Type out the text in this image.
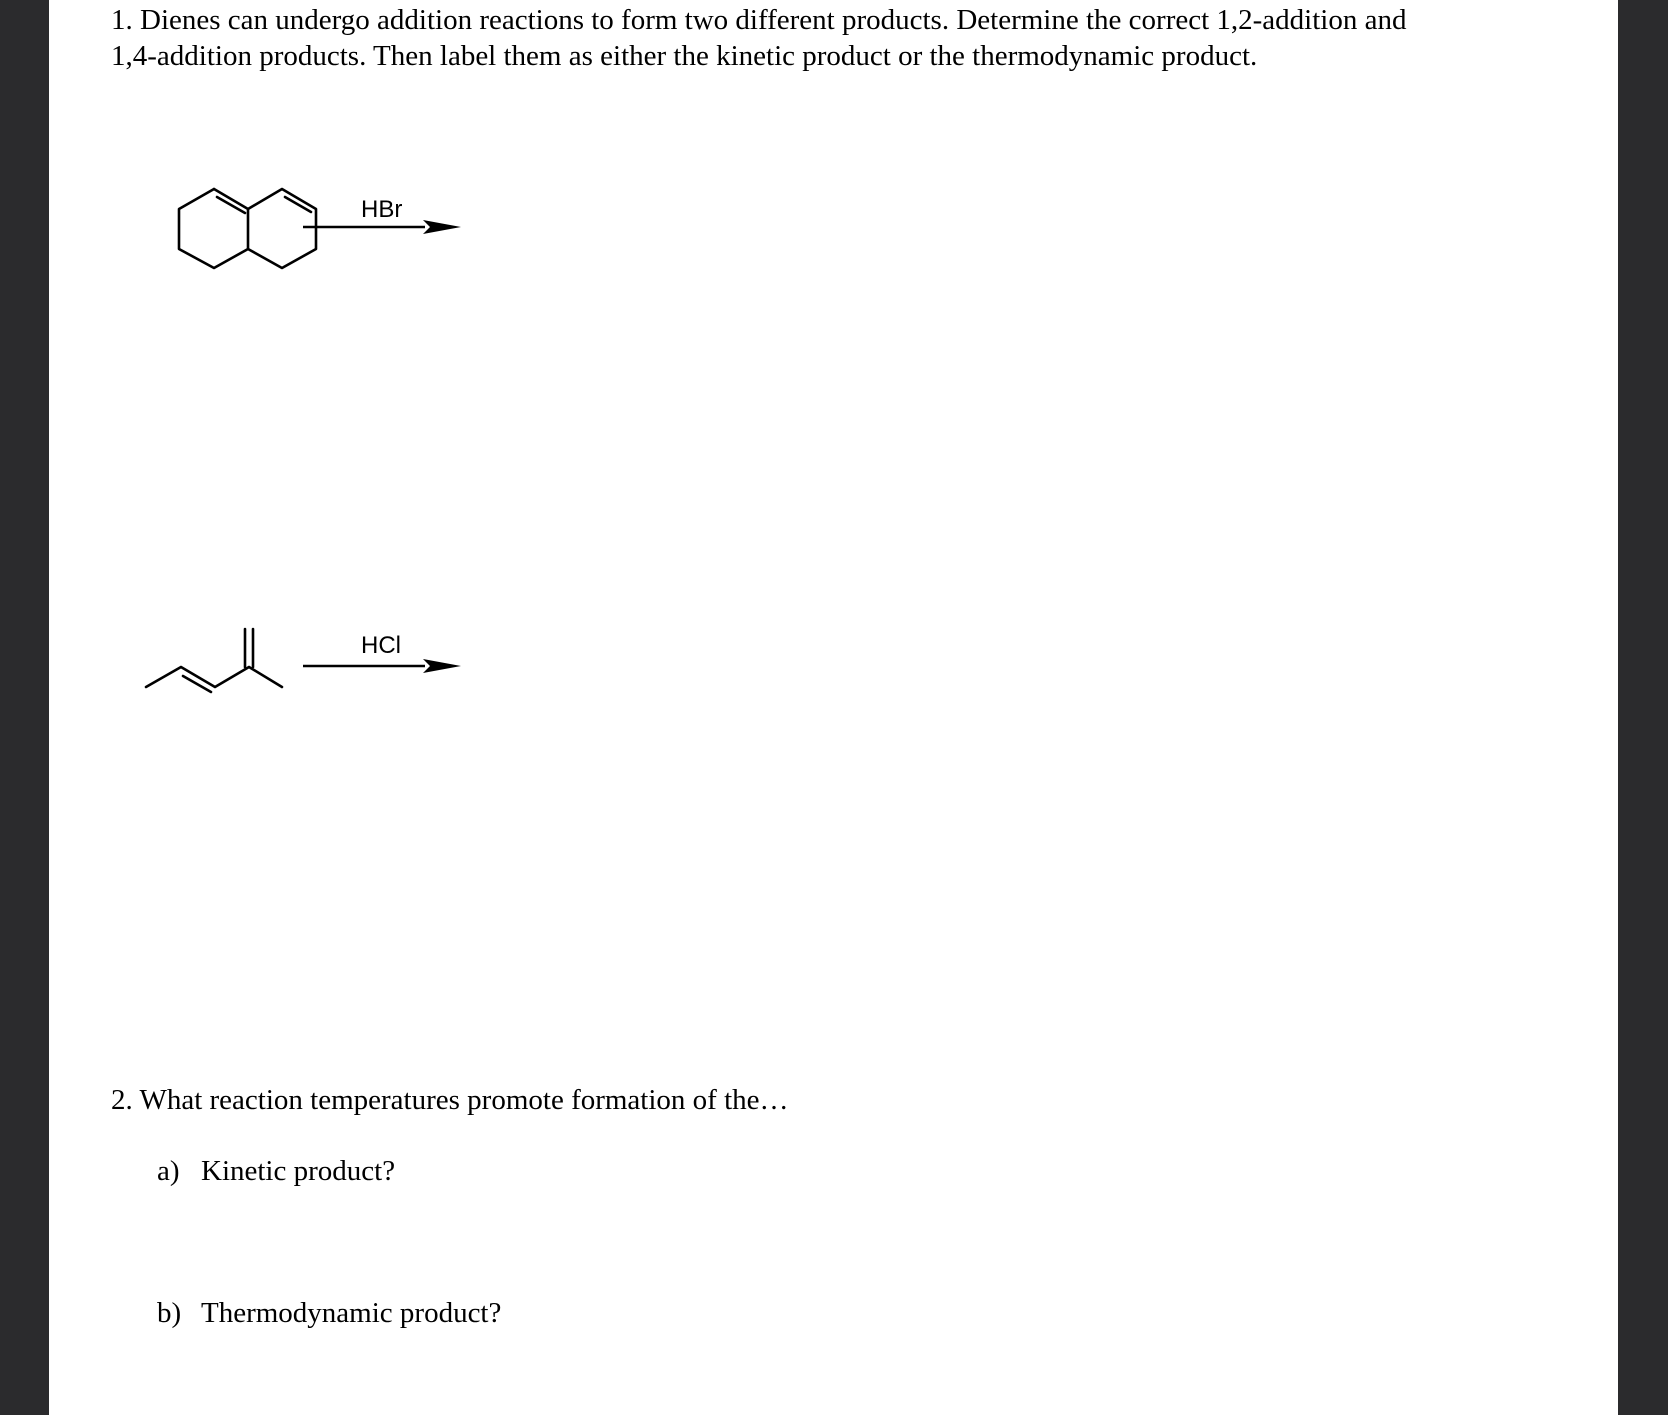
1. Dienes can undergo addition reactions to form two different products. Determine the correct 1,2-addition and

1,4-addition products. Then label them as either the kinetic product or the thermodynamic product.

HBr
HCl

2. What reaction temperatures promote formation of the…

a) Kinetic product?
b) Thermodynamic product?
